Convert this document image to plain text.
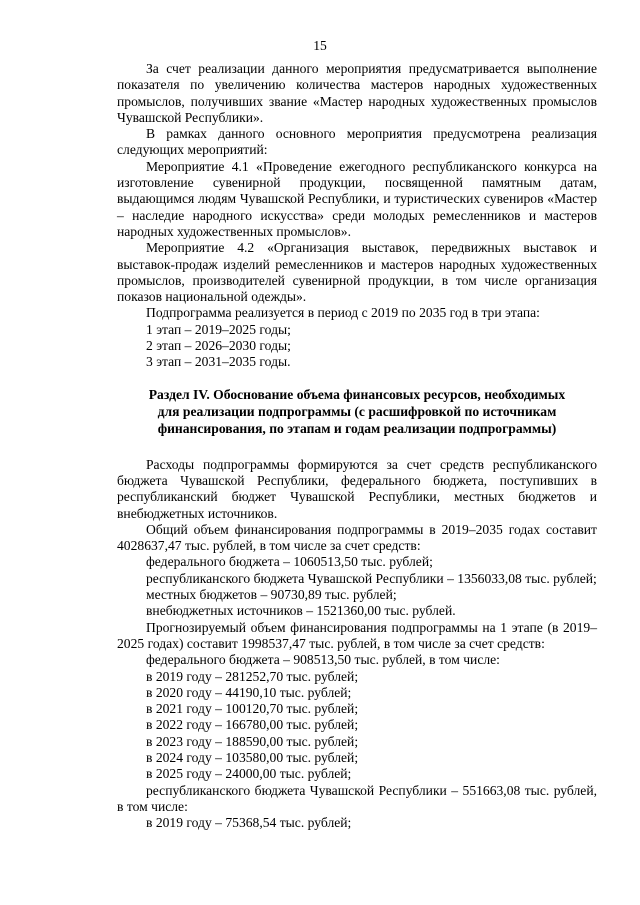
15

За счет реализации данного мероприятия предусматривается выполнение показателя по увеличению количества мастеров народных художественных промыслов, получивших звание «Мастер народных художественных промыслов Чувашской Республики».

В рамках данного основного мероприятия предусмотрена реализация следующих мероприятий:

Мероприятие 4.1 «Проведение ежегодного республиканского конкурса на изготовление сувенирной продукции, посвященной памятным датам, выдающимся людям Чувашской Республики, и туристических сувениров «Мастер – наследие народного искусства» среди молодых ремесленников и мастеров народных художественных промыслов».

Мероприятие 4.2 «Организация выставок, передвижных выставок и выставок-продаж изделий ремесленников и мастеров народных художественных промыслов, производителей сувенирной продукции, в том числе организация показов национальной одежды».

Подпрограмма реализуется в период с 2019 по 2035 год в три этапа:

1 этап – 2019–2025 годы;

2 этап – 2026–2030 годы;

3 этап – 2031–2035 годы.

Раздел IV. Обоснование объема финансовых ресурсов, необходимых
для реализации подпрограммы (с расшифровкой по источникам
финансирования, по этапам и годам реализации подпрограммы)

Расходы подпрограммы формируются за счет средств республиканского бюджета Чувашской Республики, федерального бюджета, поступивших в республиканский бюджет Чувашской Республики, местных бюджетов и внебюджетных источников.

Общий объем финансирования подпрограммы в 2019–2035 годах составит 4028637,47 тыс. рублей, в том числе за счет средств:

федерального бюджета – 1060513,50 тыс. рублей;

республиканского бюджета Чувашской Республики – 1356033,08 тыс. рублей;

местных бюджетов – 90730,89 тыс. рублей;

внебюджетных источников – 1521360,00 тыс. рублей.

Прогнозируемый объем финансирования подпрограммы на 1 этапе (в 2019–2025 годах) составит 1998537,47 тыс. рублей, в том числе за счет средств:

федерального бюджета – 908513,50 тыс. рублей, в том числе:

в 2019 году – 281252,70 тыс. рублей;

в 2020 году – 44190,10 тыс. рублей;

в 2021 году – 100120,70 тыс. рублей;

в 2022 году – 166780,00 тыс. рублей;

в 2023 году – 188590,00 тыс. рублей;

в 2024 году – 103580,00 тыс. рублей;

в 2025 году – 24000,00 тыс. рублей;

республиканского бюджета Чувашской Республики – 551663,08 тыс. рублей, в том числе:

в 2019 году – 75368,54 тыс. рублей;
